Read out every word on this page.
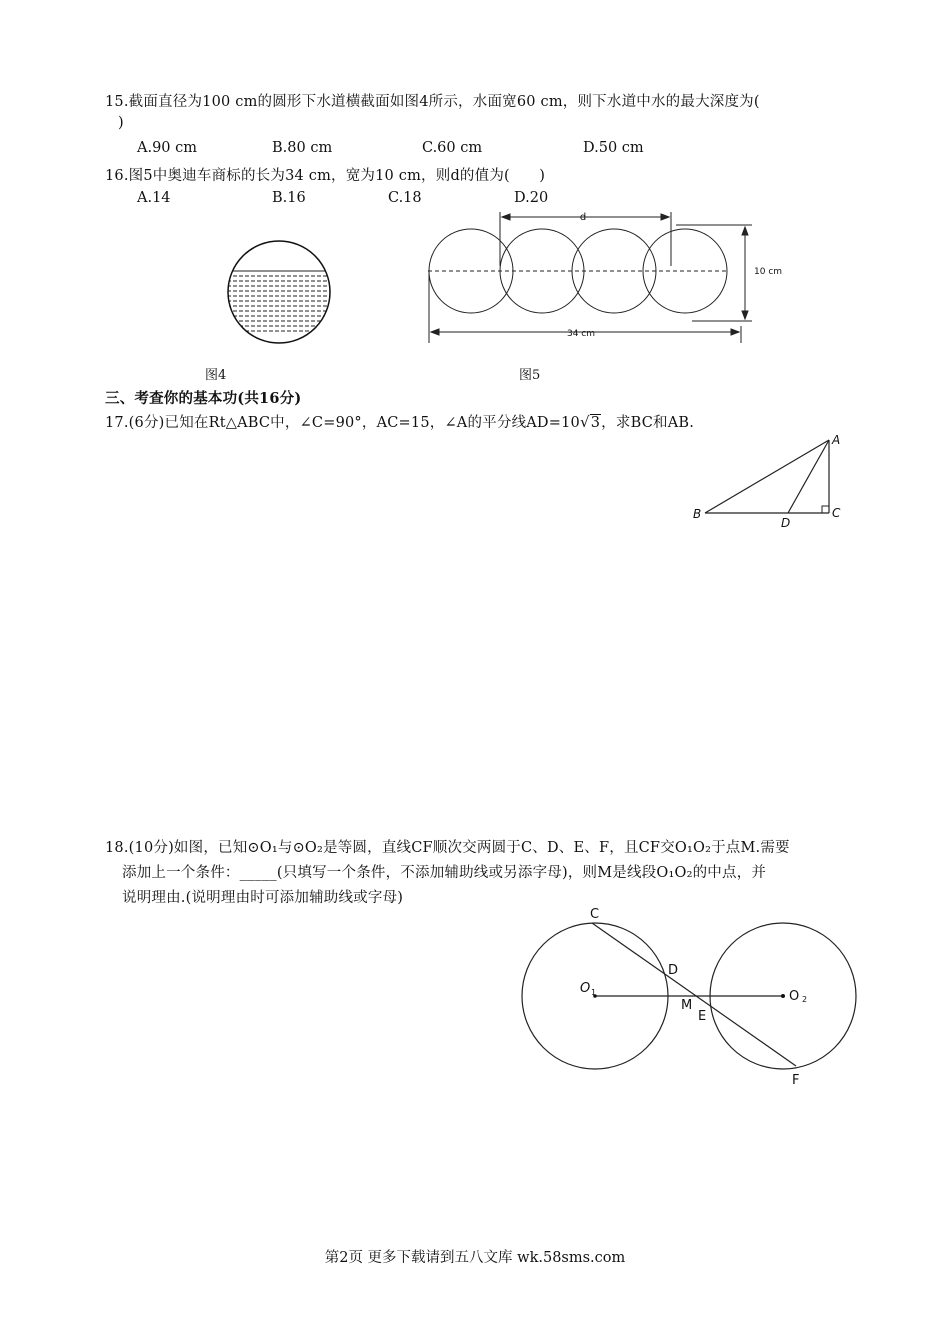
15.截面直径为100 cm的圆形下水道横截面如图4所示，水面宽60 cm，则下水道中水的最大深度为(
)
A.90 cm	B.80 cm	C.60 cm	D.50 cm
16.图5中奥迪车商标的长为34 cm，宽为10 cm，则d的值为(　　)
A.14	B.16	C.18	D.20
图4
d
10 cm
34 cm
图5
三、考查你的基本功(共16分)
17.(6分)已知在Rt△ABC中，∠C=90°，AC=15，∠A的平分线AD=10√3，求BC和AB.
A
B	C
D
18.(10分)如图，已知⊙O₁与⊙O₂是等圆，直线CF顺次交两圆于C、D、E、F，且CF交O₁O₂于点M.需要
添加上一个条件：_____(只填写一个条件，不添加辅助线或另添字母)，则M是线段O₁O₂的中点，并
说明理由.(说明理由时可添加辅助线或字母)
C
D
M
E
F
O 1	O 2
第2页 更多下载请到五八文库 wk.58sms.com
